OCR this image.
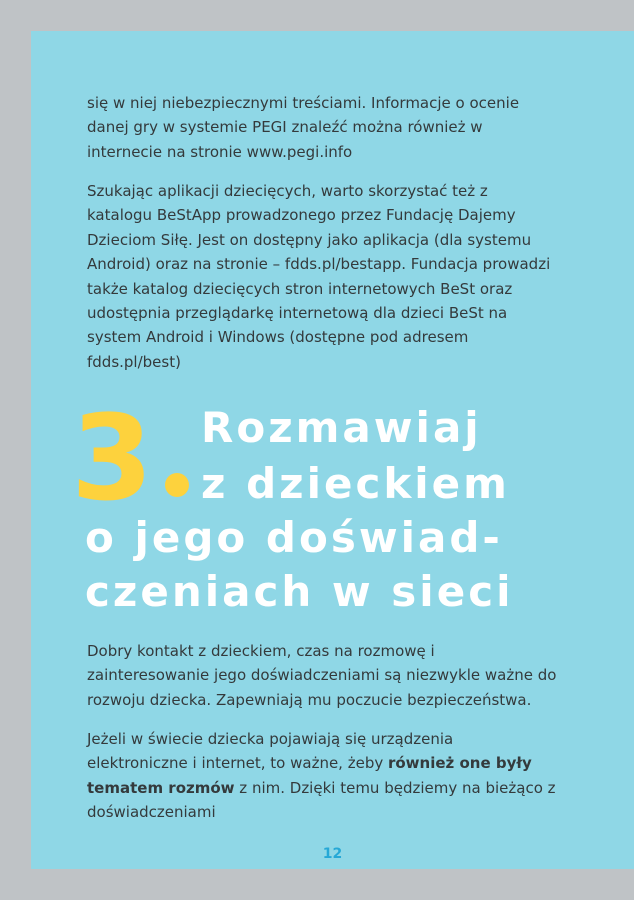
się w niej niebezpiecznymi treściami. Informacje o ocenie danej gry w systemie PEGI znaleźć można również w internecie na stronie www.pegi.info

Szukając aplikacji dziecięcych, warto skorzystać też z katalogu BeStApp prowadzonego przez Fundację Dajemy Dzieciom Siłę. Jest on dostępny jako aplikacja (dla systemu Android) oraz na stronie – fdds.pl/bestapp. Fundacja prowadzi także katalog dziecięcych stron internetowych BeSt oraz udostępnia przeglądarkę internetową dla dzieci BeSt na system Android i Windows (dostępne pod adresem fdds.pl/best)

3 Rozmawiaj
z dzieckiem
o jego doświad-
czeniach w sieci

Dobry kontakt z dzieckiem, czas na rozmowę i zainteresowanie jego doświadczeniami są niezwykle ważne do rozwoju dziecka. Zapewniają mu poczucie bezpieczeństwa.

Jeżeli w świecie dziecka pojawiają się urządzenia elektroniczne i internet, to ważne, żeby również one były tematem rozmów z nim. Dzięki temu będziemy na bieżąco z doświadczeniami

12
